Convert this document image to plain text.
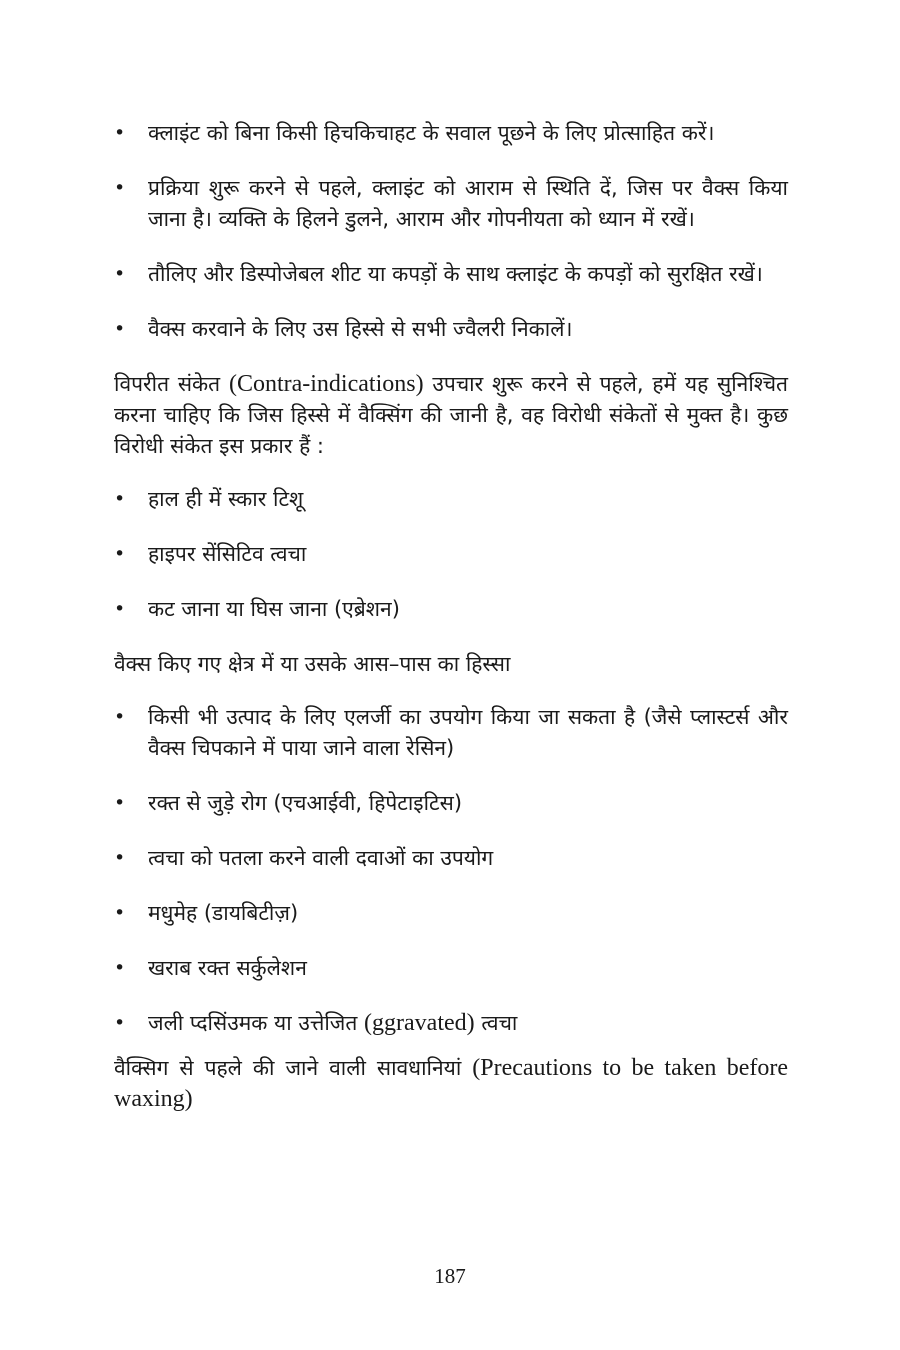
• क्लाइंट को बिना किसी हिचकिचाहट के सवाल पूछने के लिए प्रोत्साहित करें।
• प्रक्रिया शुरू करने से पहले, क्लाइंट को आराम से स्थिति दें, जिस पर वैक्स किया जाना है। व्यक्ति के हिलने डुलने, आराम और गोपनीयता को ध्यान में रखें।
• तौलिए और डिस्पोजेबल शीट या कपड़ों के साथ क्लाइंट के कपड़ों को सुरक्षित रखें।
• वैक्स करवाने के लिए उस हिस्से से सभी ज्वैलरी निकालें।

विपरीत संकेत (Contra-indications) उपचार शुरू करने से पहले, हमें यह सुनिश्चित करना चाहिए कि जिस हिस्से में वैक्सिंग की जानी है, वह विरोधी संकेतों से मुक्त है। कुछ विरोधी संकेत इस प्रकार हैं :

• हाल ही में स्कार टिशू
• हाइपर सेंसिटिव त्वचा
• कट जाना या घिस जाना (एब्रेशन)

वैक्स किए गए क्षेत्र में या उसके आस–पास का हिस्सा

• किसी भी उत्पाद के लिए एलर्जी का उपयोग किया जा सकता है (जैसे प्लास्टर्स और वैक्स चिपकाने में पाया जाने वाला रेसिन)
• रक्त से जुड़े रोग (एचआईवी, हिपेटाइटिस)
• त्वचा को पतला करने वाली दवाओं का उपयोग
• मधुमेह (डायबिटीज़)
• खराब रक्त सर्कुलेशन
• जली प्दसिंउमक या उत्तेजित (ggravated) त्वचा

वैक्सिग से पहले की जाने वाली सावधानियां (Precautions to be taken before waxing)

187
